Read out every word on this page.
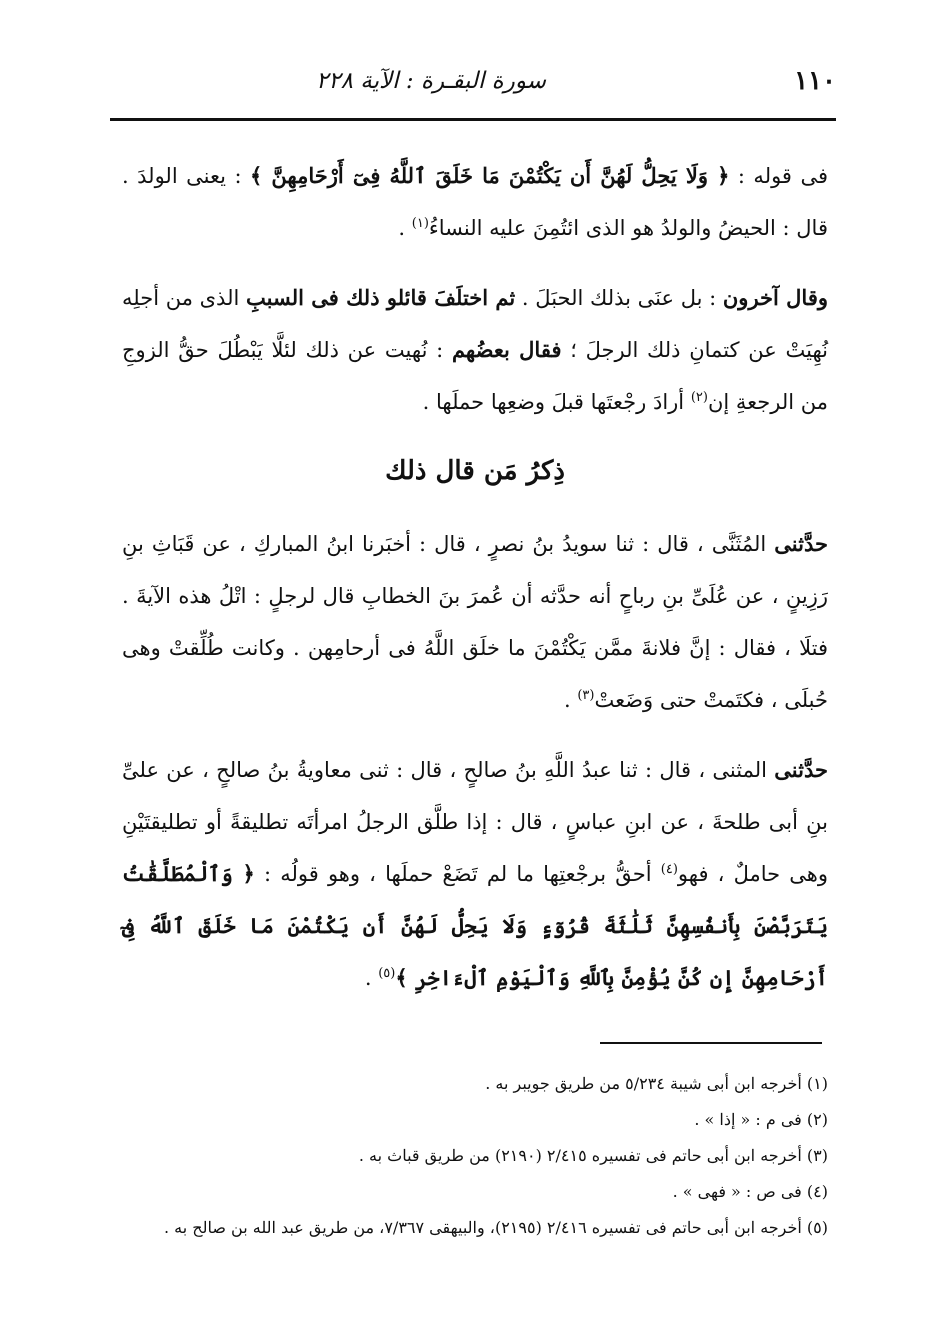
١١٠
سورة البقـرة : الآية ٢٢٨

فى قوله : ﴿ وَلَا يَحِلُّ لَهُنَّ أَن يَكْتُمْنَ مَا خَلَقَ ٱللَّهُ فِىٓ أَرْحَامِهِنَّ ﴾ : يعنى الولدَ . قال : الحيضُ والولدُ هو الذى ائتُمِنَ عليه النساءُ$^{(١)}$ .

وقال آخرون : بل عنَى بذلك الحبَلَ . ثم اختلَفَ قائلو ذلك فى السببِ الذى من أجلِه نُهِيَتْ عن كتمانِ ذلك الرجلَ ؛ فقال بعضُهم : نُهيت عن ذلك لئلَّا يَبْطُلَ حقُّ الزوجِ من الرجعةِ إن$^{(٢)}$ أرادَ رجْعتَها قبلَ وضعِها حملَها .

ذِكرُ مَن قال ذلك

حدَّثنى المُثَنَّى ، قال : ثنا سويدُ بنُ نصرٍ ، قال : أخبَرنا ابنُ المباركِ ، عن قَبَاثِ بنِ رَزِينٍ ، عن عُلَىِّ بنِ رباحٍ أنه حدَّثه أن عُمرَ بنَ الخطابِ قال لرجلٍ : اتْلُ هذه الآيةَ . فتلَا ، فقال : إنَّ فلانةَ ممَّن يَكْتُمْنَ ما خلَق اللَّهُ فى أرحامِهن . وكانت طُلِّقتْ وهى حُبلَى ، فكتَمتْ حتى وَضَعتْ$^{(٣)}$ .

حدَّثنى المثنى ، قال : ثنا عبدُ اللَّهِ بنُ صالحٍ ، قال : ثنى معاويةُ بنُ صالحٍ ، عن علىِّ بنِ أبى طلحةَ ، عن ابنِ عباسٍ ، قال : إذا طلَّق الرجلُ امرأتَه تطليقةً أو تطليقتَيْنِ وهى حاملٌ ، فهو$^{(٤)}$ أحقُّ برجْعتِها ما لم تَضَعْ حملَها ، وهو قولُه : ﴿ وَٱلْمُطَلَّقَٰتُ يَتَرَبَّصْنَ بِأَنفُسِهِنَّ ثَلَٰثَةَ قُرُوٓءٍ وَلَا يَحِلُّ لَهُنَّ أَن يَكْتُمْنَ مَا خَلَقَ ٱللَّهُ فِىٓ أَرْحَامِهِنَّ إِن كُنَّ يُؤْمِنَّ بِٱللَّهِ وَٱلْيَوْمِ ٱلْءَاخِرِ ﴾$^{(٥)}$ .

(١) أخرجه ابن أبى شيبة ٥/٢٣٤ من طريق جويبر به .

(٢) فى م : « إذا » .

(٣) أخرجه ابن أبى حاتم فى تفسيره ٢/٤١٥ (٢١٩٠) من طريق قباث به .

(٤) فى ص : « فهى » .

(٥) أخرجه ابن أبى حاتم فى تفسيره ٢/٤١٦ (٢١٩٥)، والبيهقى ٧/٣٦٧، من طريق عبد الله بن صالح به .
